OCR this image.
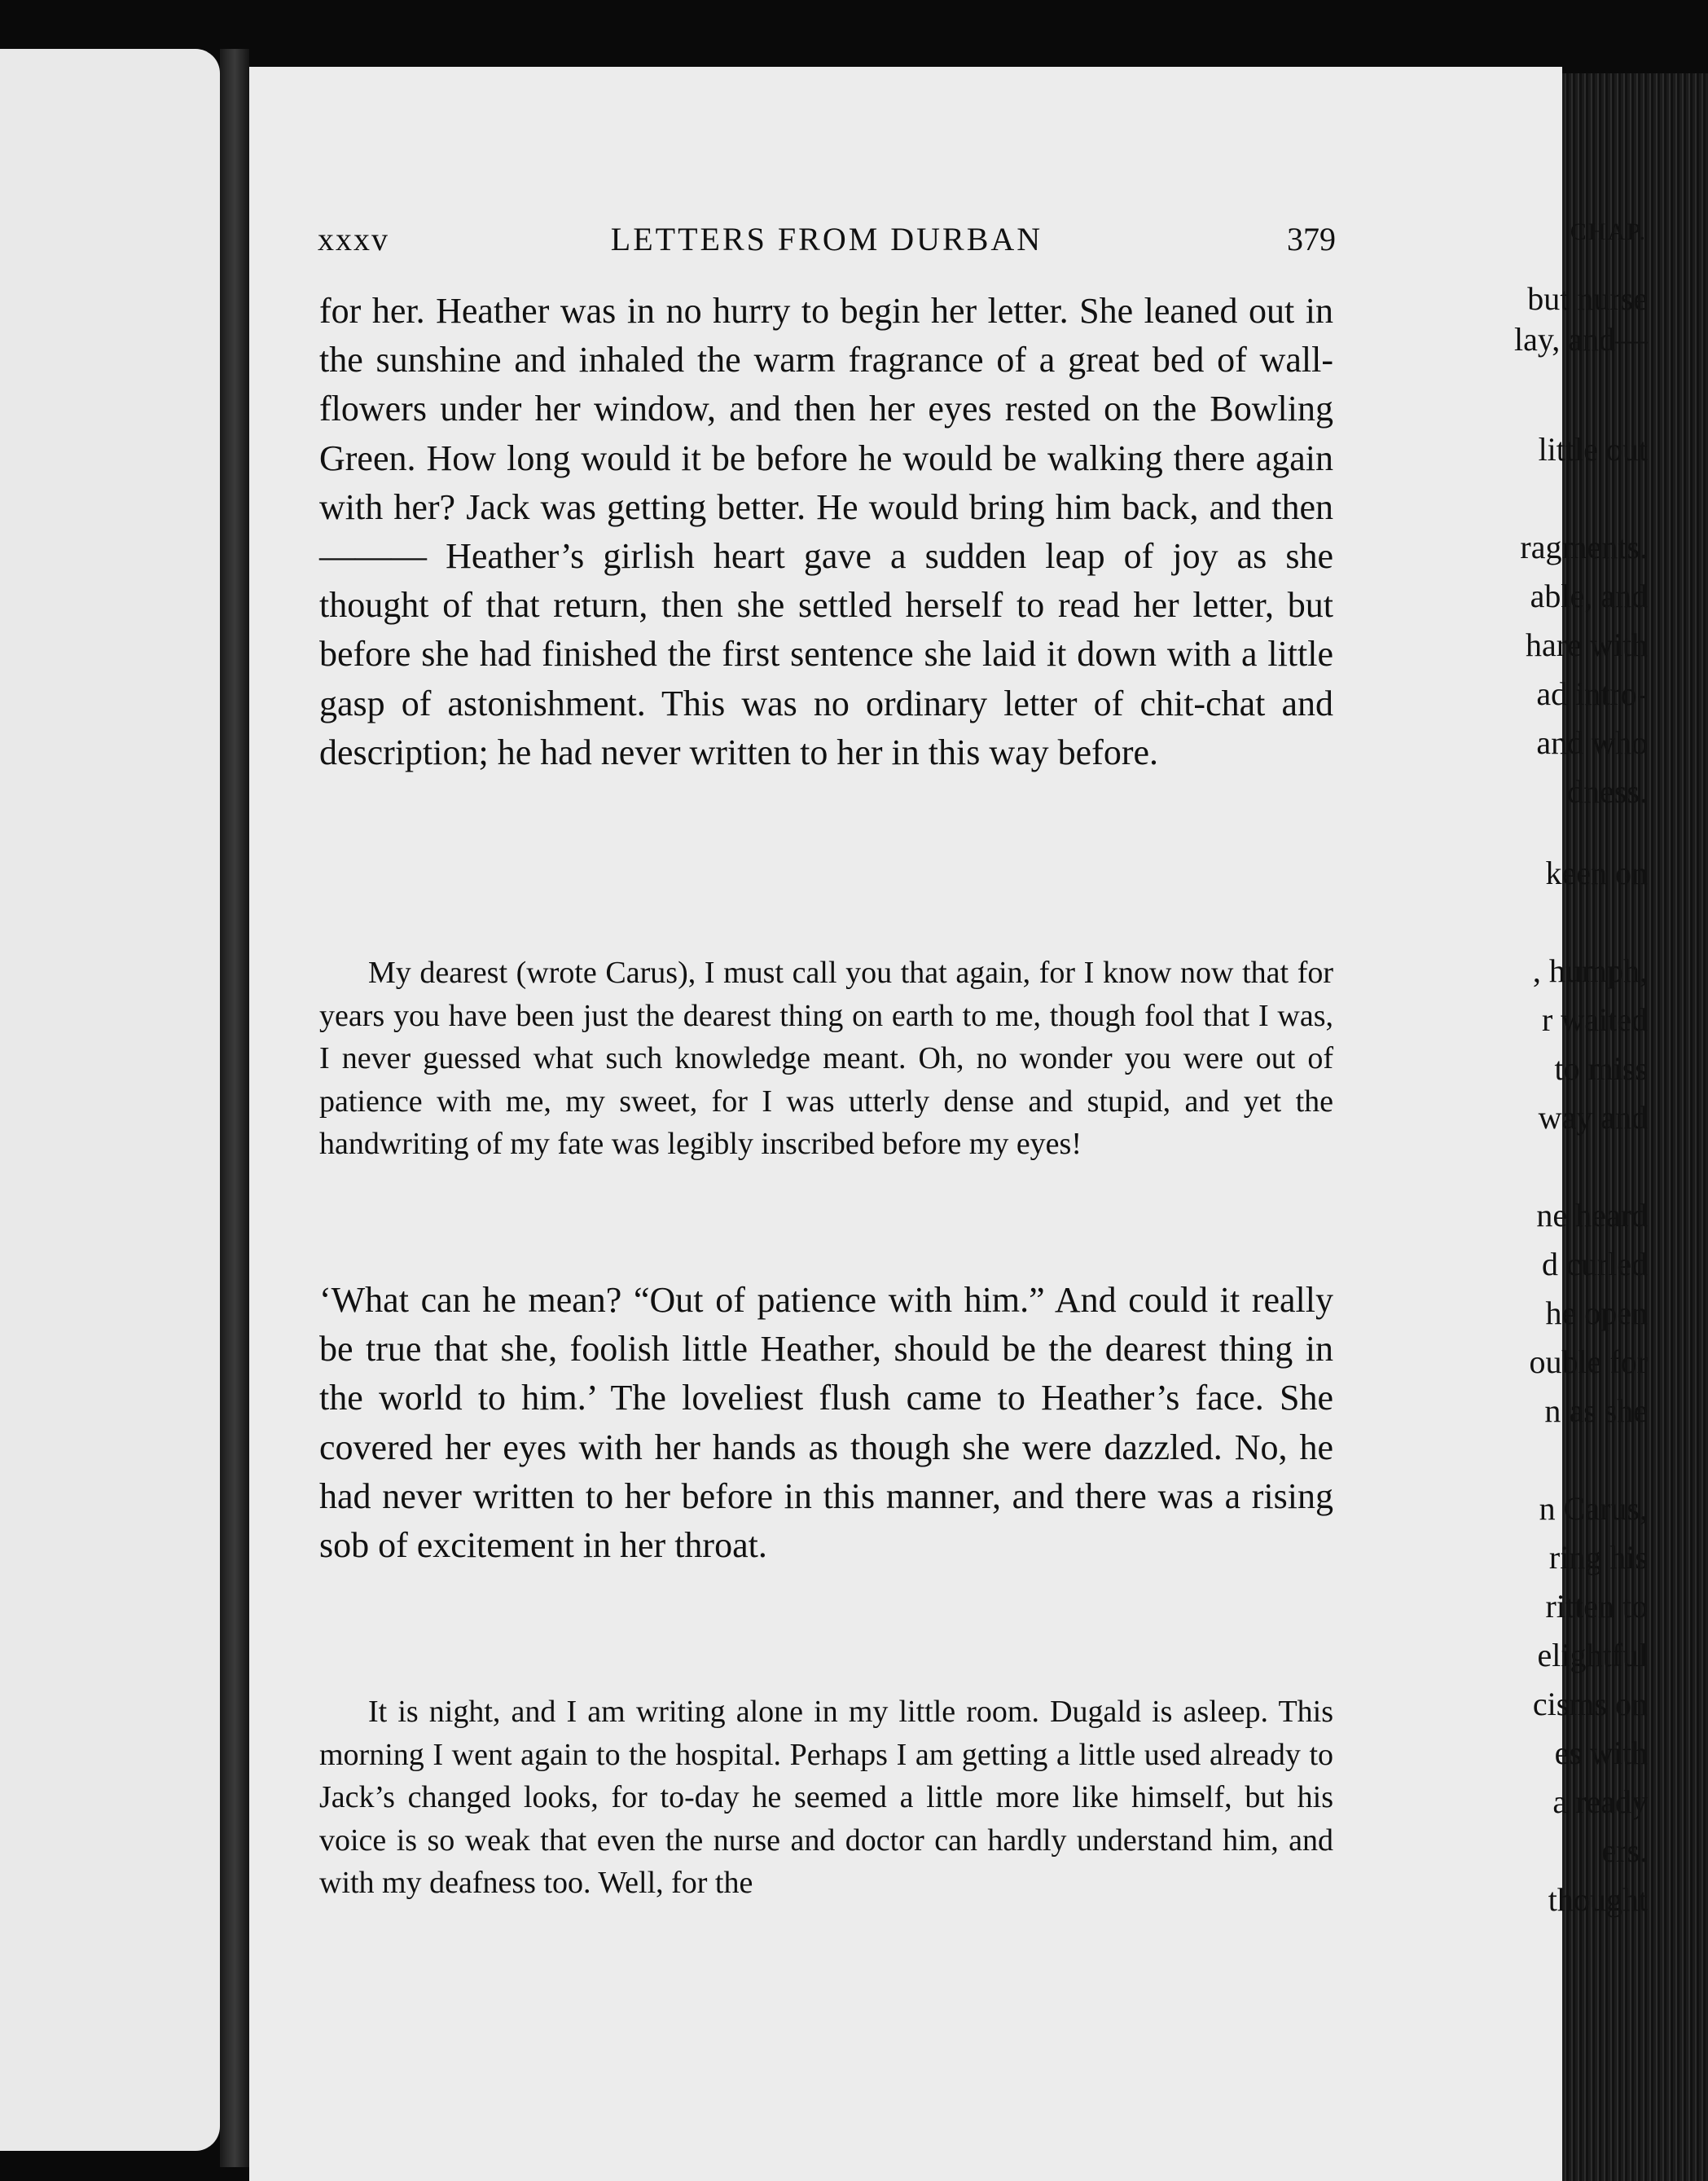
CHAP.
but nurse
lay, and—
little out
ragments.
able, and
hare with
ad intro-
and who
dness.
keen on
, humph,
r waited
to miss
way and
ne heard
d curled
he open
ouble for
n as she
n Carus,
ring his
ritten to
elightful
cisms on
es with
a ready
ers.
thought
xxxv	LETTERS FROM DURBAN	379

for her. Heather was in no hurry to begin her letter. She leaned out in the sunshine and inhaled the warm fragrance of a great bed of wall-flowers under her window, and then her eyes rested on the Bowling Green. How long would it be before he would be walking there again with her? Jack was getting better. He would bring him back, and then——— Heather’s girlish heart gave a sudden leap of joy as she thought of that return, then she settled herself to read her letter, but before she had finished the first sentence she laid it down with a little gasp of astonishment. This was no ordinary letter of chit-chat and description; he had never written to her in this way before.

My dearest (wrote Carus), I must call you that again, for I know now that for years you have been just the dearest thing on earth to me, though fool that I was, I never guessed what such knowledge meant. Oh, no wonder you were out of patience with me, my sweet, for I was utterly dense and stupid, and yet the handwriting of my fate was legibly inscribed before my eyes!

‘What can he mean? “Out of patience with him.” And could it really be true that she, foolish little Heather, should be the dearest thing in the world to him.’ The loveliest flush came to Heather’s face. She covered her eyes with her hands as though she were dazzled. No, he had never written to her before in this manner, and there was a rising sob of excitement in her throat.

It is night, and I am writing alone in my little room. Dugald is asleep. This morning I went again to the hospital. Perhaps I am getting a little used already to Jack’s changed looks, for to-day he seemed a little more like himself, but his voice is so weak that even the nurse and doctor can hardly understand him, and with my deafness too. Well, for the
